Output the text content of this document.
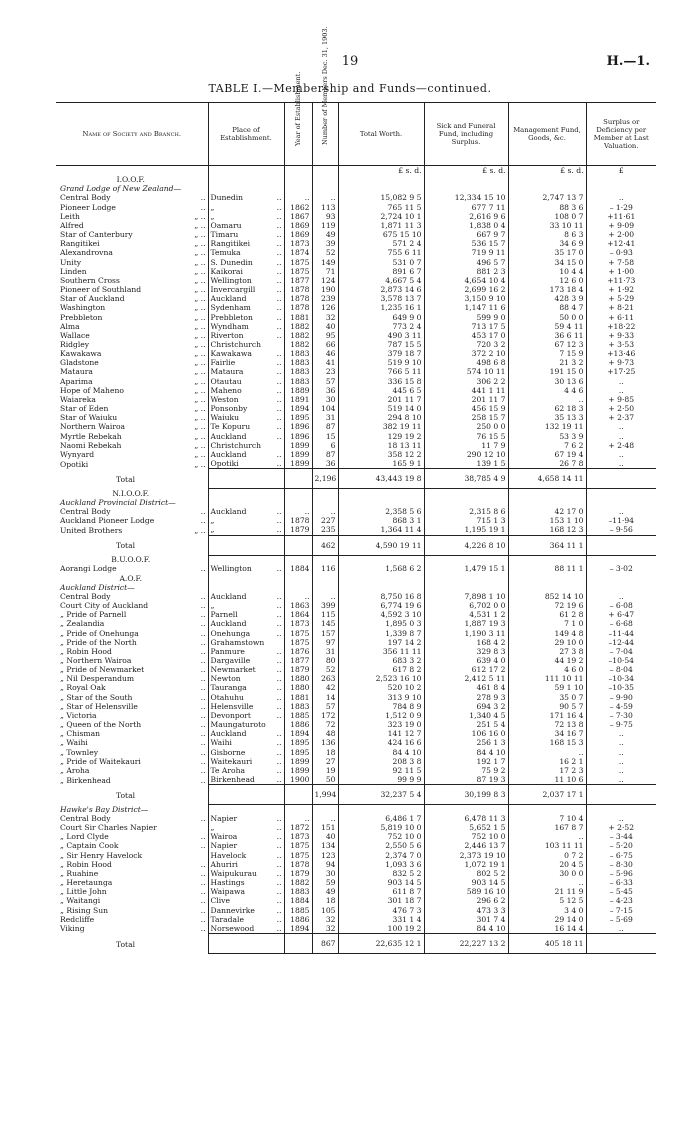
19	H.—1.
TABLE I.—Membership and Funds—continued.
Name of Society and Branch.	Place of Establishment.	Year of Establishment.	Number of Members Dec. 31, 1903.	Total Worth.	Sick and Funeral Fund, including Surplus.	Management Fund, Goods, &c.	Surplus or Deficiency per Member at Last Valuation.
				£ s. d.	£ s. d.	£ s. d.	£
I.O.O.F.							
Grand Lodge of New Zealand—							
Central Body ..	Dunedin ..	..	..	15,082 9 5	12,334 15 10	2,747 13 7	..
Pioneer Lodge ..	„ ..	1862	113	765 11 5	677 7 11	88 3 6	– 1·29
Leith „ ..	„ ..	1867	93	2,724 10 1	2,616 9 6	108 0 7	+11·61
Alfred „ ..	Oamaru ..	1869	119	1,871 11 3	1,838 0 4	33 10 11	+ 9·09
Star of Canterbury „ ..	Timaru ..	1869	49	675 15 10	667 9 7	8 6 3	+ 2·00
Rangitikei „ ..	Rangitikei ..	1873	39	571 2 4	536 15 7	34 6 9	+12·41
Alexandrovna „ ..	Temuka ..	1874	52	755 6 11	719 9 11	35 17 0	– 0·93
Unity „ ..	S. Dunedin ..	1875	149	531 0 7	496 5 7	34 15 0	+ 7·58
Linden „ ..	Kaikorai ..	1875	71	891 6 7	881 2 3	10 4 4	+ 1·00
Southern Cross „ ..	Wellington ..	1877	124	4,667 5 4	4,654 10 4	12 6 0	+11·73
Pioneer of Southland „ ..	Invercargill ..	1878	190	2,873 14 6	2,699 16 2	173 18 4	+ 1·92
Star of Auckland „ ..	Auckland ..	1878	239	3,578 13 7	3,150 9 10	428 3 9	+ 5·29
Washington „ ..	Sydenham ..	1878	126	1,235 16 1	1,147 11 6	88 4 7	+ 8·21
Prebbleton „ ..	Prebbleton ..	1881	32	649 9 0	599 9 0	50 0 0	+ 6·11
Alma „ ..	Wyndham ..	1882	40	773 2 4	713 17 5	59 4 11	+18·22
Wallace „ ..	Riverton ..	1882	95	490 3 11	453 17 0	36 6 11	+ 9·33
Ridgley „ ..	Christchurch	1882	66	787 15 5	720 3 2	67 12 3	+ 3·53
Kawakawa „ ..	Kawakawa ..	1883	46	379 18 7	372 2 10	7 15 9	+13·46
Gladstone „ ..	Fairlie ..	1883	41	519 9 10	498 6 8	21 3 2	+ 9·73
Mataura „ ..	Mataura ..	1883	23	766 5 11	574 10 11	191 15 0	+17·25
Aparima „ ..	Otautau ..	1883	57	336 15 8	306 2 2	30 13 6	..
Hope of Maheno „ ..	Maheno ..	1889	36	445 6 5	441 1 11	4 4 6	..
Waiareka „ ..	Weston ..	1891	30	201 11 7	201 11 7	..	+ 9·85
Star of Eden „ ..	Ponsonby ..	1894	104	519 14 0	456 15 9	62 18 3	+ 2·50
Star of Waiuku „ ..	Waiuku ..	1895	31	294 8 10	258 15 7	35 13 3	+ 2·37
Northern Wairoa „ ..	Te Kopuru ..	1896	87	382 19 11	250 0 0	132 19 11	..
Myrtle Rebekah „ ..	Auckland ..	1896	15	129 19 2	76 15 5	53 3 9	..
Naomi Rebekah „ ..	Christchurch	1899	6	18 13 11	11 7 9	7 6 2	+ 2·48
Wynyard „ ..	Auckland ..	1899	87	358 12 2	290 12 10	67 19 4	..
Opotiki „ ..	Opotiki ..	1899	36	165 9 1	139 1 5	26 7 8	..
Total			2,196	43,443 19 8	38,785 4 9	4,658 14 11	
N.I.O.O.F.							
Auckland Provincial District—							
Central Body ..	Auckland ..	..	..	2,358 5 6	2,315 8 6	42 17 0	..
Auckland Pioneer Lodge ..	„ ..	1878	227	868 3 1	715 1 3	153 1 10	–11·94
United Brothers „ ..	„ ..	1879	235	1,364 11 4	1,195 19 1	168 12 3	– 9·56
Total			462	4,590 19 11	4,226 8 10	364 11 1	
B.U.O.O.F.							
Aorangi Lodge ..	Wellington ..	1884	116	1,568 6 2	1,479 15 1	88 11 1	– 3·02
A.O.F.							
Auckland District—							
Central Body ..	Auckland ..	..	..	8,750 16 8	7,898 1 10	852 14 10	..
Court City of Auckland ..	„ ..	1863	399	6,774 19 6	6,702 0 0	72 19 6	– 6·08
„ Pride of Parnell ..	Parnell ..	1864	115	4,592 3 10	4,531 1 2	61 2 8	+ 6·47
„ Zealandia ..	Auckland ..	1873	145	1,895 0 3	1,887 19 3	7 1 0	– 6·68
„ Pride of Onehunga ..	Onehunga ..	1875	157	1,339 8 7	1,190 3 11	149 4 8	–11·44
„ Pride of the North ..	Grahamstown	1875	97	197 14 2	168 4 2	29 10 0	–12·44
„ Robin Hood ..	Panmure ..	1876	31	356 11 11	329 8 3	27 3 8	– 7·04
„ Northern Wairoa ..	Dargaville ..	1877	80	683 3 2	639 4 0	44 19 2	–10·54
„ Pride of Newmarket ..	Newmarket ..	1879	52	617 8 2	612 17 2	4 6 0	– 8·04
„ Nil Desperandum ..	Newton ..	1880	263	2,523 16 10	2,412 5 11	111 10 11	–10·34
„ Royal Oak ..	Tauranga ..	1880	42	520 10 2	461 8 4	59 1 10	–10·35
„ Star of the South ..	Otahuhu ..	1881	14	313 9 10	278 9 3	35 0 7	– 9·90
„ Star of Helensville ..	Helensville ..	1883	57	784 8 9	694 3 2	90 5 7	– 4·59
„ Victoria ..	Devonport ..	1885	172	1,512 0 9	1,340 4 5	171 16 4	– 7·30
„ Queen of the North ..	Maungaturoto	1886	72	323 19 0	251 5 4	72 13 8	– 9·75
„ Chisman ..	Auckland ..	1894	48	141 12 7	106 16 0	34 16 7	..
„ Waihi ..	Waihi ..	1895	136	424 16 6	256 1 3	168 15 3	..
„ Townley ..	Gisborne ..	1895	18	84 4 10	84 4 10	..	..
„ Pride of Waitekauri ..	Waitekauri ..	1899	27	208 3 8	192 1 7	16 2 1	..
„ Aroha ..	Te Aroha ..	1899	19	92 11 5	75 9 2	17 2 3	..
„ Birkenhead ..	Birkenhead ..	1900	50	99 9 9	87 19 3	11 10 6	..
Total			1,994	32,237 5 4	30,199 8 3	2,037 17 1	
Hawke's Bay District—							
Central Body ..	Napier ..	..	..	6,486 1 7	6,478 11 3	7 10 4	..
Court Sir Charles Napier	„ ..	1872	151	5,819 10 0	5,652 1 5	167 8 7	+ 2·52
„ Lord Clyde ..	Wairoa ..	1873	40	752 10 0	752 10 0	..	– 3·44
„ Captain Cook ..	Napier ..	1875	134	2,550 5 6	2,446 13 7	103 11 11	– 5·20
„ Sir Henry Havelock	Havelock ..	1875	123	2,374 7 0	2,373 19 10	0 7 2	– 6·75
„ Robin Hood ..	Ahuriri ..	1878	94	1,093 3 6	1,072 19 1	20 4 5	– 8·30
„ Ruahine ..	Waipukurau ..	1879	30	832 5 2	802 5 2	30 0 0	– 5·96
„ Heretaunga ..	Hastings ..	1882	59	903 14 5	903 14 5	..	– 6·33
„ Little John ..	Waipawa ..	1883	49	611 8 7	589 16 10	21 11 9	– 5·45
„ Waitangi ..	Clive ..	1884	18	301 18 7	296 6 2	5 12 5	– 4·23
„ Rising Sun ..	Dannevirke ..	1885	105	476 7 3	473 3 3	3 4 0	– 7·15
Redcliffe ..	Taradale ..	1886	32	331 1 4	301 7 4	29 14 0	– 5·69
Viking ..	Norsewood ..	1894	32	100 19 2	84 4 10	16 14 4	..
Total			867	22,635 12 1	22,227 13 2	405 18 11	
